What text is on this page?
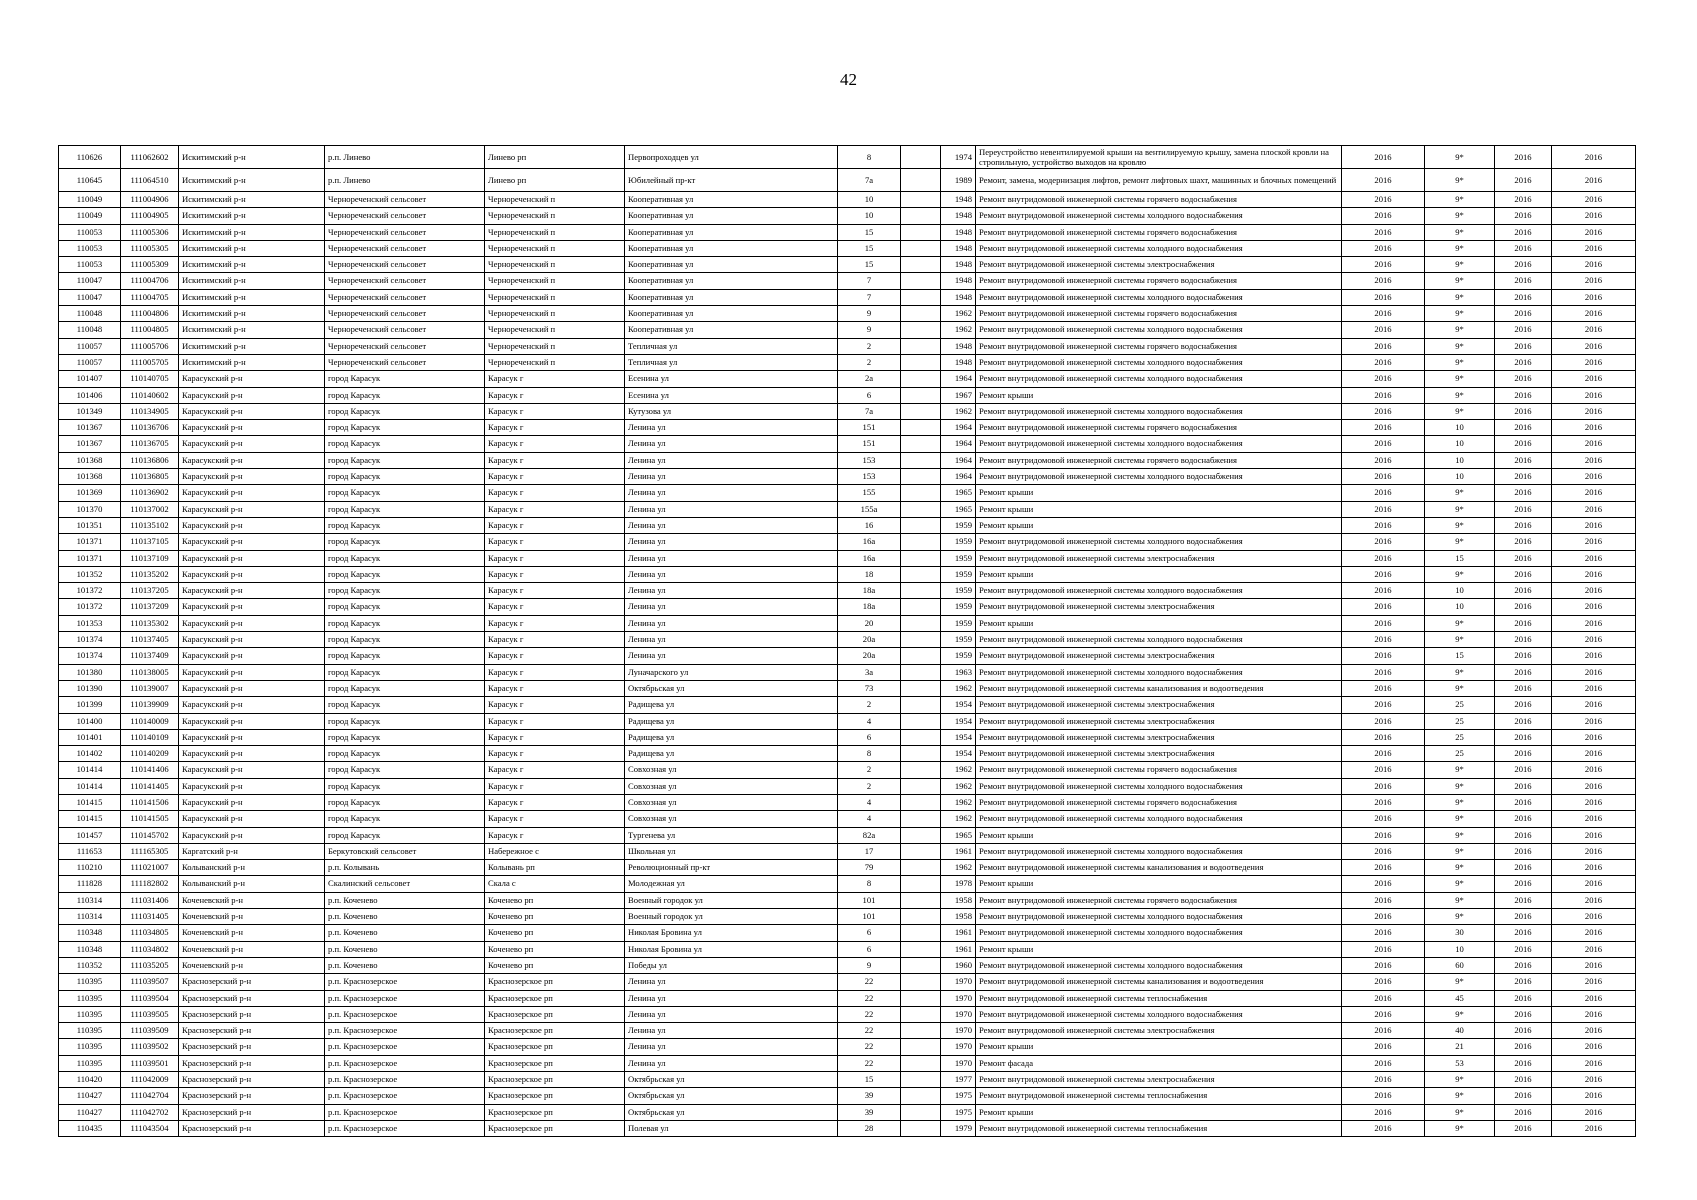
42
110626	111062602	Искитимский р-н	р.п. Линево	Линево рп	Первопроходцев ул	8		1974	Переустройство невентилируемой крыши на вентилируемую крышу, замена плоской кровли на стропильную, устройство выходов на кровлю	2016	9*	2016	2016
110645	111064510	Искитимский р-н	р.п. Линево	Линево рп	Юбилейный пр-кт	7а		1989	Ремонт, замена, модернизация лифтов, ремонт лифтовых шахт, машинных и блочных помещений	2016	9*	2016	2016
110049	111004906	Искитимский р-н	Чернореченский сельсовет	Чернореченский п	Кооперативная ул	10		1948	Ремонт внутридомовой инженерной системы горячего водоснабжения	2016	9*	2016	2016
110049	111004905	Искитимский р-н	Чернореченский сельсовет	Чернореченский п	Кооперативная ул	10		1948	Ремонт внутридомовой инженерной системы холодного водоснабжения	2016	9*	2016	2016
110053	111005306	Искитимский р-н	Чернореченский сельсовет	Чернореченский п	Кооперативная ул	15		1948	Ремонт внутридомовой инженерной системы горячего водоснабжения	2016	9*	2016	2016
110053	111005305	Искитимский р-н	Чернореченский сельсовет	Чернореченский п	Кооперативная ул	15		1948	Ремонт внутридомовой инженерной системы холодного водоснабжения	2016	9*	2016	2016
110053	111005309	Искитимский р-н	Чернореченский сельсовет	Чернореченский п	Кооперативная ул	15		1948	Ремонт внутридомовой инженерной системы электроснабжения	2016	9*	2016	2016
110047	111004706	Искитимский р-н	Чернореченский сельсовет	Чернореченский п	Кооперативная ул	7		1948	Ремонт внутридомовой инженерной системы горячего водоснабжения	2016	9*	2016	2016
110047	111004705	Искитимский р-н	Чернореченский сельсовет	Чернореченский п	Кооперативная ул	7		1948	Ремонт внутридомовой инженерной системы холодного водоснабжения	2016	9*	2016	2016
110048	111004806	Искитимский р-н	Чернореченский сельсовет	Чернореченский п	Кооперативная ул	9		1962	Ремонт внутридомовой инженерной системы горячего водоснабжения	2016	9*	2016	2016
110048	111004805	Искитимский р-н	Чернореченский сельсовет	Чернореченский п	Кооперативная ул	9		1962	Ремонт внутридомовой инженерной системы холодного водоснабжения	2016	9*	2016	2016
110057	111005706	Искитимский р-н	Чернореченский сельсовет	Чернореченский п	Тепличная ул	2		1948	Ремонт внутридомовой инженерной системы горячего водоснабжения	2016	9*	2016	2016
110057	111005705	Искитимский р-н	Чернореченский сельсовет	Чернореченский п	Тепличная ул	2		1948	Ремонт внутридомовой инженерной системы холодного водоснабжения	2016	9*	2016	2016
101407	110140705	Карасукский р-н	город Карасук	Карасук г	Есенина ул	2а		1964	Ремонт внутридомовой инженерной системы холодного водоснабжения	2016	9*	2016	2016
101406	110140602	Карасукский р-н	город Карасук	Карасук г	Есенина ул	6		1967	Ремонт крыши	2016	9*	2016	2016
101349	110134905	Карасукский р-н	город Карасук	Карасук г	Кутузова ул	7а		1962	Ремонт внутридомовой инженерной системы холодного водоснабжения	2016	9*	2016	2016
101367	110136706	Карасукский р-н	город Карасук	Карасук г	Ленина ул	151		1964	Ремонт внутридомовой инженерной системы горячего водоснабжения	2016	10	2016	2016
101367	110136705	Карасукский р-н	город Карасук	Карасук г	Ленина ул	151		1964	Ремонт внутридомовой инженерной системы холодного водоснабжения	2016	10	2016	2016
101368	110136806	Карасукский р-н	город Карасук	Карасук г	Ленина ул	153		1964	Ремонт внутридомовой инженерной системы горячего водоснабжения	2016	10	2016	2016
101368	110136805	Карасукский р-н	город Карасук	Карасук г	Ленина ул	153		1964	Ремонт внутридомовой инженерной системы холодного водоснабжения	2016	10	2016	2016
101369	110136902	Карасукский р-н	город Карасук	Карасук г	Ленина ул	155		1965	Ремонт крыши	2016	9*	2016	2016
101370	110137002	Карасукский р-н	город Карасук	Карасук г	Ленина ул	155а		1965	Ремонт крыши	2016	9*	2016	2016
101351	110135102	Карасукский р-н	город Карасук	Карасук г	Ленина ул	16		1959	Ремонт крыши	2016	9*	2016	2016
101371	110137105	Карасукский р-н	город Карасук	Карасук г	Ленина ул	16а		1959	Ремонт внутридомовой инженерной системы холодного водоснабжения	2016	9*	2016	2016
101371	110137109	Карасукский р-н	город Карасук	Карасук г	Ленина ул	16а		1959	Ремонт внутридомовой инженерной системы электроснабжения	2016	15	2016	2016
101352	110135202	Карасукский р-н	город Карасук	Карасук г	Ленина ул	18		1959	Ремонт крыши	2016	9*	2016	2016
101372	110137205	Карасукский р-н	город Карасук	Карасук г	Ленина ул	18а		1959	Ремонт внутридомовой инженерной системы холодного водоснабжения	2016	10	2016	2016
101372	110137209	Карасукский р-н	город Карасук	Карасук г	Ленина ул	18а		1959	Ремонт внутридомовой инженерной системы электроснабжения	2016	10	2016	2016
101353	110135302	Карасукский р-н	город Карасук	Карасук г	Ленина ул	20		1959	Ремонт крыши	2016	9*	2016	2016
101374	110137405	Карасукский р-н	город Карасук	Карасук г	Ленина ул	20а		1959	Ремонт внутридомовой инженерной системы холодного водоснабжения	2016	9*	2016	2016
101374	110137409	Карасукский р-н	город Карасук	Карасук г	Ленина ул	20а		1959	Ремонт внутридомовой инженерной системы электроснабжения	2016	15	2016	2016
101380	110138005	Карасукский р-н	город Карасук	Карасук г	Луначарского ул	3а		1963	Ремонт внутридомовой инженерной системы холодного водоснабжения	2016	9*	2016	2016
101390	110139007	Карасукский р-н	город Карасук	Карасук г	Октябрьская ул	73		1962	Ремонт внутридомовой инженерной системы канализования и водоотведения	2016	9*	2016	2016
101399	110139909	Карасукский р-н	город Карасук	Карасук г	Радищева ул	2		1954	Ремонт внутридомовой инженерной системы электроснабжения	2016	25	2016	2016
101400	110140009	Карасукский р-н	город Карасук	Карасук г	Радищева ул	4		1954	Ремонт внутридомовой инженерной системы электроснабжения	2016	25	2016	2016
101401	110140109	Карасукский р-н	город Карасук	Карасук г	Радищева ул	6		1954	Ремонт внутридомовой инженерной системы электроснабжения	2016	25	2016	2016
101402	110140209	Карасукский р-н	город Карасук	Карасук г	Радищева ул	8		1954	Ремонт внутридомовой инженерной системы электроснабжения	2016	25	2016	2016
101414	110141406	Карасукский р-н	город Карасук	Карасук г	Совхозная ул	2		1962	Ремонт внутридомовой инженерной системы горячего водоснабжения	2016	9*	2016	2016
101414	110141405	Карасукский р-н	город Карасук	Карасук г	Совхозная ул	2		1962	Ремонт внутридомовой инженерной системы холодного водоснабжения	2016	9*	2016	2016
101415	110141506	Карасукский р-н	город Карасук	Карасук г	Совхозная ул	4		1962	Ремонт внутридомовой инженерной системы горячего водоснабжения	2016	9*	2016	2016
101415	110141505	Карасукский р-н	город Карасук	Карасук г	Совхозная ул	4		1962	Ремонт внутридомовой инженерной системы холодного водоснабжения	2016	9*	2016	2016
101457	110145702	Карасукский р-н	город Карасук	Карасук г	Тургенева ул	82а		1965	Ремонт крыши	2016	9*	2016	2016
111653	111165305	Каргатский р-н	Беркутовский сельсовет	Набережное с	Школьная ул	17		1961	Ремонт внутридомовой инженерной системы холодного водоснабжения	2016	9*	2016	2016
110210	111021007	Колыванский р-н	р.п. Колывань	Колывань рп	Революционный пр-кт	79		1962	Ремонт внутридомовой инженерной системы канализования и водоотведения	2016	9*	2016	2016
111828	111182802	Колыванский р-н	Скалинский сельсовет	Скала с	Молодежная ул	8		1978	Ремонт крыши	2016	9*	2016	2016
110314	111031406	Коченевский р-н	р.п. Коченево	Коченево рп	Военный городок ул	101		1958	Ремонт внутридомовой инженерной системы горячего водоснабжения	2016	9*	2016	2016
110314	111031405	Коченевский р-н	р.п. Коченево	Коченево рп	Военный городок ул	101		1958	Ремонт внутридомовой инженерной системы холодного водоснабжения	2016	9*	2016	2016
110348	111034805	Коченевский р-н	р.п. Коченево	Коченево рп	Николая Бровина ул	6		1961	Ремонт внутридомовой инженерной системы холодного водоснабжения	2016	30	2016	2016
110348	111034802	Коченевский р-н	р.п. Коченево	Коченево рп	Николая Бровина ул	6		1961	Ремонт крыши	2016	10	2016	2016
110352	111035205	Коченевский р-н	р.п. Коченево	Коченево рп	Победы ул	9		1960	Ремонт внутридомовой инженерной системы холодного водоснабжения	2016	60	2016	2016
110395	111039507	Краснозерский р-н	р.п. Краснозерское	Краснозерское рп	Ленина ул	22		1970	Ремонт внутридомовой инженерной системы канализования и водоотведения	2016	9*	2016	2016
110395	111039504	Краснозерский р-н	р.п. Краснозерское	Краснозерское рп	Ленина ул	22		1970	Ремонт внутридомовой инженерной системы теплоснабжения	2016	45	2016	2016
110395	111039505	Краснозерский р-н	р.п. Краснозерское	Краснозерское рп	Ленина ул	22		1970	Ремонт внутридомовой инженерной системы холодного водоснабжения	2016	9*	2016	2016
110395	111039509	Краснозерский р-н	р.п. Краснозерское	Краснозерское рп	Ленина ул	22		1970	Ремонт внутридомовой инженерной системы электроснабжения	2016	40	2016	2016
110395	111039502	Краснозерский р-н	р.п. Краснозерское	Краснозерское рп	Ленина ул	22		1970	Ремонт крыши	2016	21	2016	2016
110395	111039501	Краснозерский р-н	р.п. Краснозерское	Краснозерское рп	Ленина ул	22		1970	Ремонт фасада	2016	53	2016	2016
110420	111042009	Краснозерский р-н	р.п. Краснозерское	Краснозерское рп	Октябрьская ул	15		1977	Ремонт внутридомовой инженерной системы электроснабжения	2016	9*	2016	2016
110427	111042704	Краснозерский р-н	р.п. Краснозерское	Краснозерское рп	Октябрьская ул	39		1975	Ремонт внутридомовой инженерной системы теплоснабжения	2016	9*	2016	2016
110427	111042702	Краснозерский р-н	р.п. Краснозерское	Краснозерское рп	Октябрьская ул	39		1975	Ремонт крыши	2016	9*	2016	2016
110435	111043504	Краснозерский р-н	р.п. Краснозерское	Краснозерское рп	Полевая ул	28		1979	Ремонт внутридомовой инженерной системы теплоснабжения	2016	9*	2016	2016
